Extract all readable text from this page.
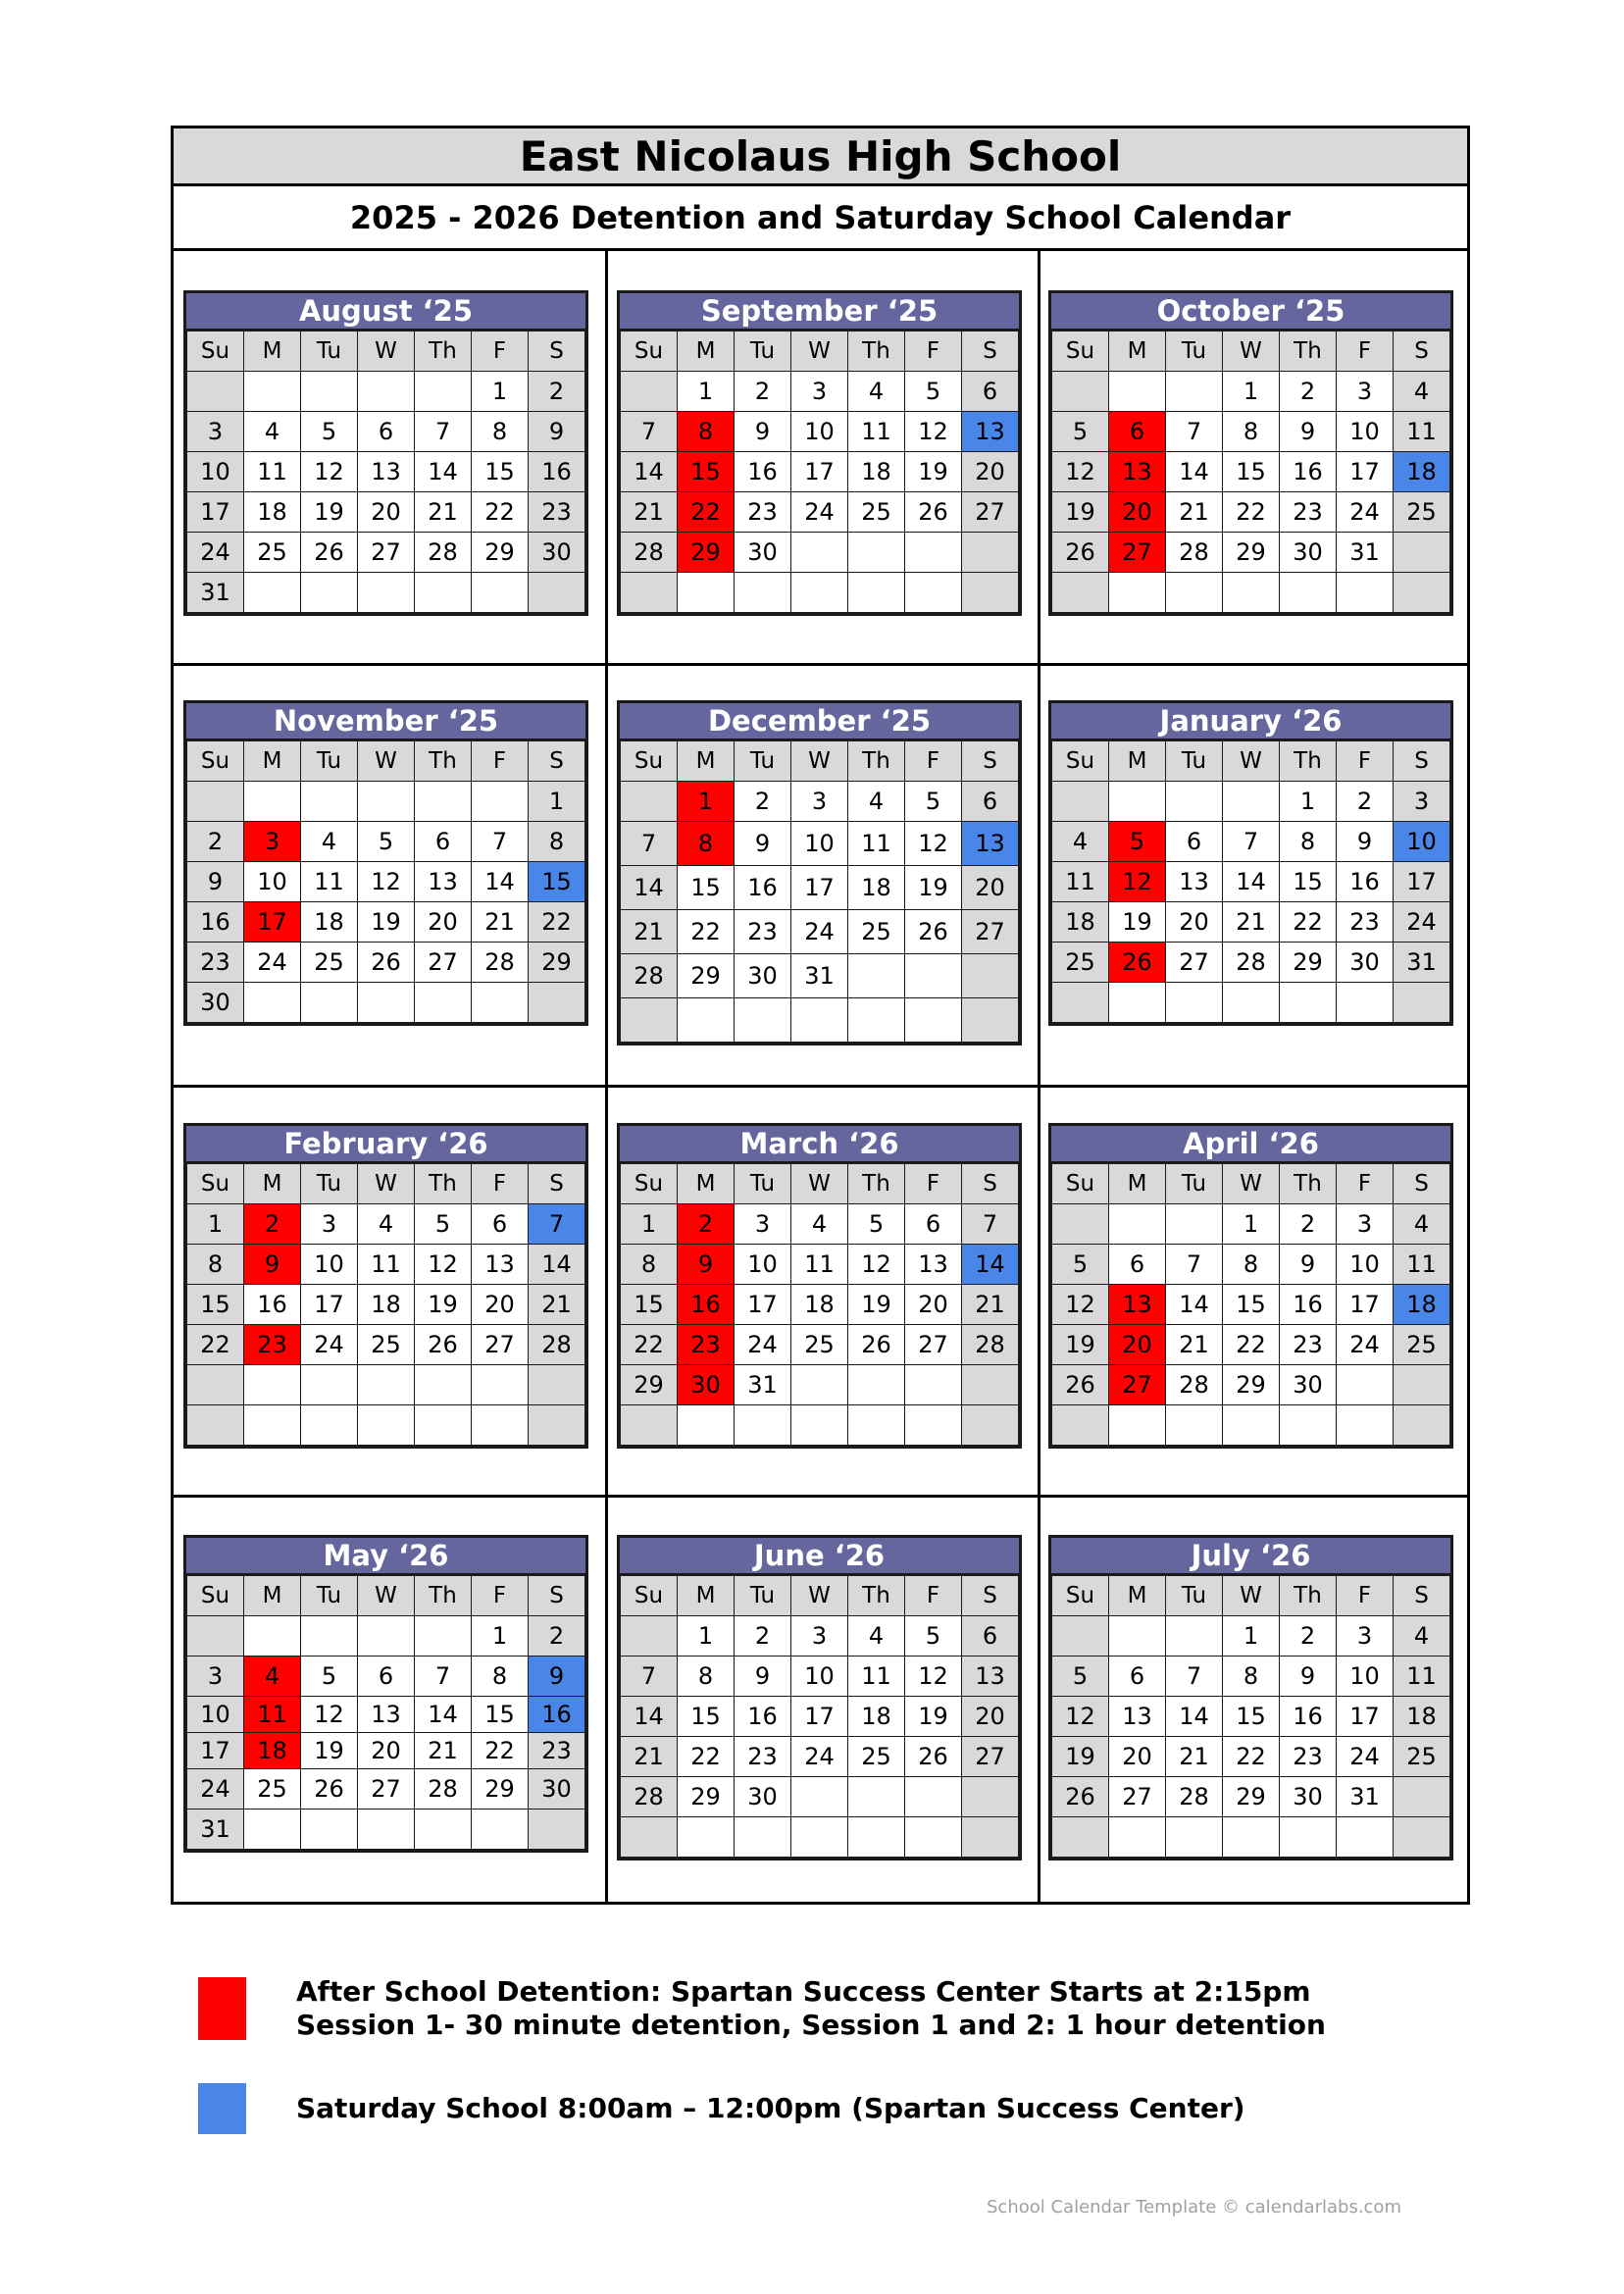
East Nicolaus High School
2025 - 2026 Detention and Saturday School Calendar
August ‘25
Su	M	Tu	W	Th	F	S
					1	2
3	4	5	6	7	8	9
10	11	12	13	14	15	16
17	18	19	20	21	22	23
24	25	26	27	28	29	30
31						
September ‘25
Su	M	Tu	W	Th	F	S
	1	2	3	4	5	6
7	8	9	10	11	12	13
14	15	16	17	18	19	20
21	22	23	24	25	26	27
28	29	30				

October ‘25
Su	M	Tu	W	Th	F	S
			1	2	3	4
5	6	7	8	9	10	11
12	13	14	15	16	17	18
19	20	21	22	23	24	25
26	27	28	29	30	31	

November ‘25
Su	M	Tu	W	Th	F	S
						1
2	3	4	5	6	7	8
9	10	11	12	13	14	15
16	17	18	19	20	21	22
23	24	25	26	27	28	29
30						
December ‘25
Su	M	Tu	W	Th	F	S
	1	2	3	4	5	6
7	8	9	10	11	12	13
14	15	16	17	18	19	20
21	22	23	24	25	26	27
28	29	30	31			

January ‘26
Su	M	Tu	W	Th	F	S
				1	2	3
4	5	6	7	8	9	10
11	12	13	14	15	16	17
18	19	20	21	22	23	24
25	26	27	28	29	30	31

February ‘26
Su	M	Tu	W	Th	F	S
1	2	3	4	5	6	7
8	9	10	11	12	13	14
15	16	17	18	19	20	21
22	23	24	25	26	27	28

March ‘26
Su	M	Tu	W	Th	F	S
1	2	3	4	5	6	7
8	9	10	11	12	13	14
15	16	17	18	19	20	21
22	23	24	25	26	27	28
29	30	31				

April ‘26
Su	M	Tu	W	Th	F	S
			1	2	3	4
5	6	7	8	9	10	11
12	13	14	15	16	17	18
19	20	21	22	23	24	25
26	27	28	29	30		

May ‘26
Su	M	Tu	W	Th	F	S
					1	2
3	4	5	6	7	8	9
10	11	12	13	14	15	16
17	18	19	20	21	22	23
24	25	26	27	28	29	30
31						
June ‘26
Su	M	Tu	W	Th	F	S
	1	2	3	4	5	6
7	8	9	10	11	12	13
14	15	16	17	18	19	20
21	22	23	24	25	26	27
28	29	30				

July ‘26
Su	M	Tu	W	Th	F	S
			1	2	3	4
5	6	7	8	9	10	11
12	13	14	15	16	17	18
19	20	21	22	23	24	25
26	27	28	29	30	31	

After School Detention: Spartan Success Center Starts at 2:15pm
Session 1- 30 minute detention, Session 1 and 2: 1 hour detention
Saturday School 8:00am – 12:00pm (Spartan Success Center)
School Calendar Template © calendarlabs.com
